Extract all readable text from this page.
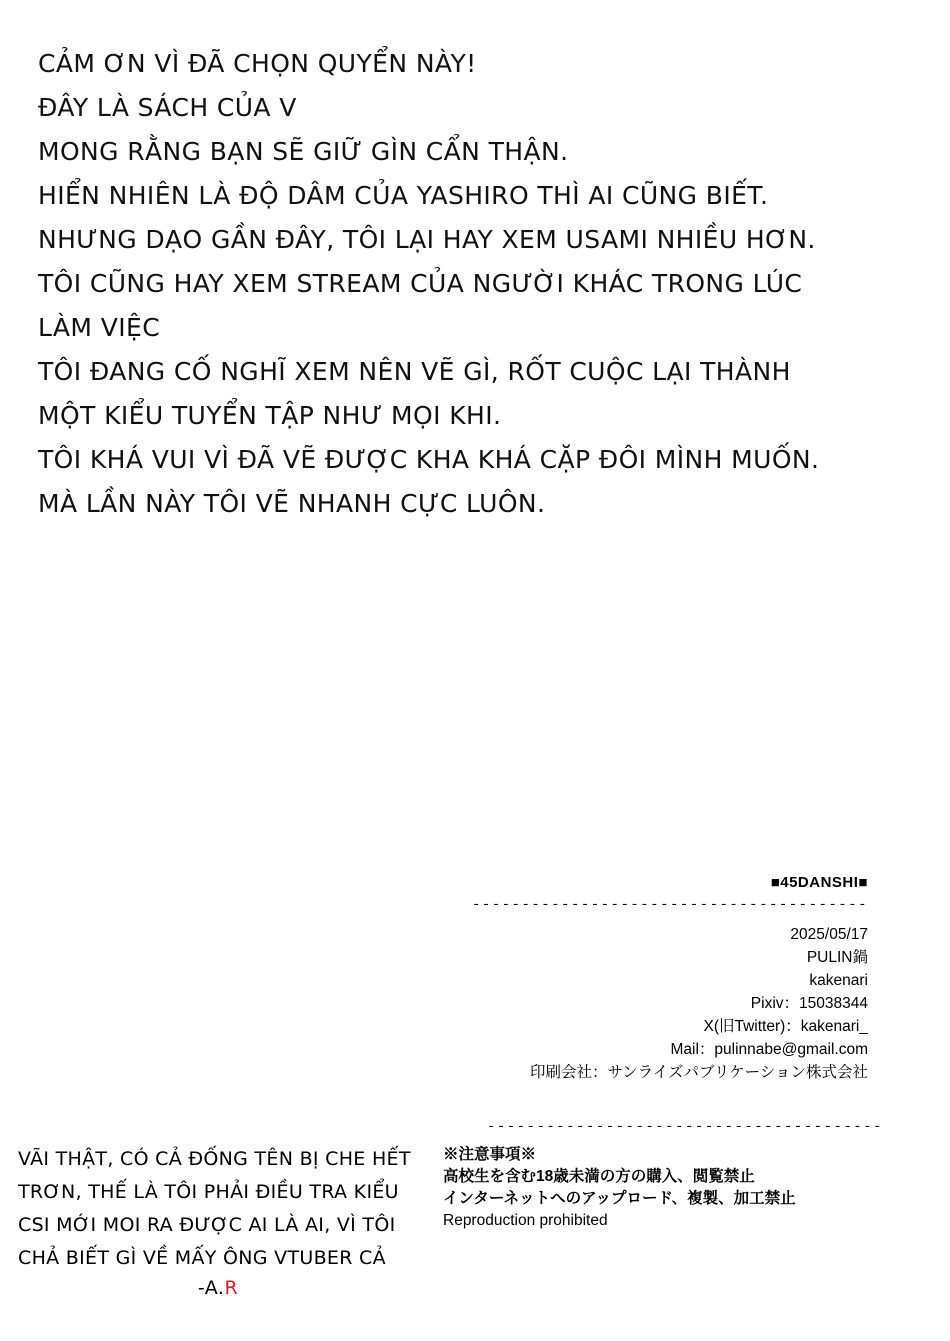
CẢM ƠN VÌ ĐÃ CHỌN QUYỂN NÀY!
ĐÂY LÀ SÁCH CỦA V
MONG RẰNG BẠN SẼ GIỮ GÌN CẨN THẬN.
HIỂN NHIÊN LÀ ĐỘ DÂM CỦA YASHIRO THÌ AI CŨNG BIẾT.
NHƯNG DẠO GẦN ĐÂY, TÔI LẠI HAY XEM USAMI NHIỀU HƠN.
TÔI CŨNG HAY XEM STREAM CỦA NGƯỜI KHÁC TRONG LÚC
LÀM VIỆC
TÔI ĐANG CỐ NGHĨ XEM NÊN VẼ GÌ, RỐT CUỘC LẠI THÀNH
MỘT KIỂU TUYỂN TẬP NHƯ MỌI KHI.
TÔI KHÁ VUI VÌ ĐÃ VẼ ĐƯỢC KHA KHÁ CẶP ĐÔI MÌNH MUỐN.
MÀ LẦN NÀY TÔI VẼ NHANH CỰC LUÔN.
■45DANSHI■
----------------------------------------
2025/05/17
PULIN鍋
kakenari
Pixiv：15038344
X(旧Twitter)：kakenari_
Mail：pulinnabe@gmail.com
印刷会社：サンライズパブリケーション株式会社
----------------------------------------
※注意事項※
高校生を含む18歳未満の方の購入、閲覧禁止
インターネットへのアップロード、複製、加工禁止
Reproduction prohibited
VÃI THẬT, CÓ CẢ ĐỐNG TÊN BỊ CHE HẾT
TRƠN, THẾ LÀ TÔI PHẢI ĐIỀU TRA KIỂU
CSI MỚI MOI RA ĐƯỢC AI LÀ AI, VÌ TÔI
CHẢ BIẾT GÌ VỀ MẤY ÔNG VTUBER CẢ
-A.R
